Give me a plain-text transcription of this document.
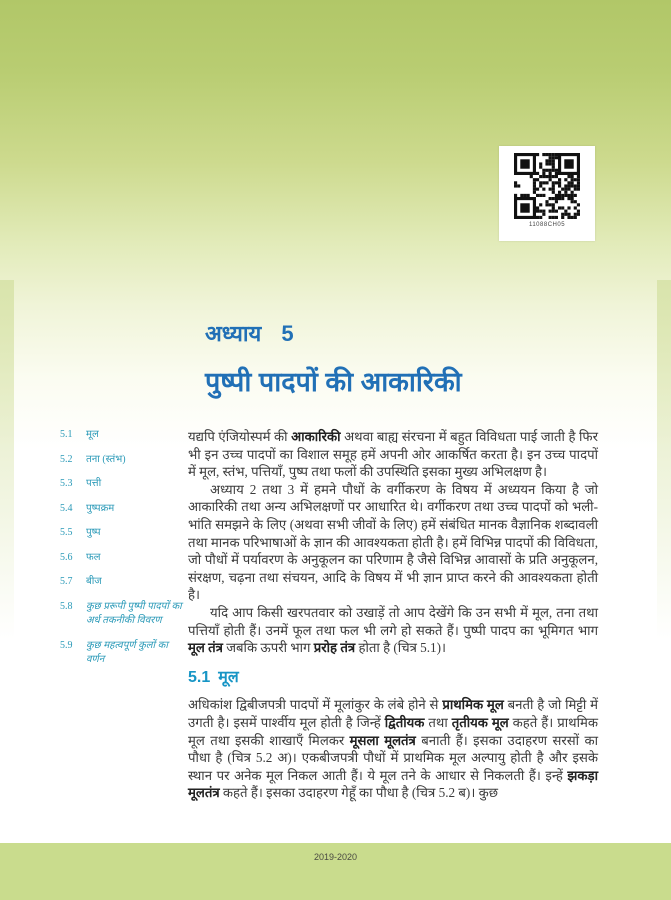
11088CH05
अध्याय 5
पुष्पी पादपों की आकारिकी
5.1	मूल
5.2	तना (स्तंभ)
5.3	पत्ती
5.4	पुष्पक्रम
5.5	पुष्प
5.6	फल
5.7	बीज
5.8	कुछ प्ररूपी पुष्पी पादपों का अर्ध तकनीकी विवरण
5.9	कुछ महत्वपूर्ण कुलों का वर्णन

यद्यपि एंजियोस्पर्म की आकारिकी अथवा बाह्य संरचना में बहुत विविधता पाई जाती है फिर भी इन उच्च पादपों का विशाल समूह हमें अपनी ओर आकर्षित करता है। इन उच्च पादपों में मूल, स्तंभ, पत्तियाँ, पुष्प तथा फलों की उपस्थिति इसका मुख्य अभिलक्षण है।

अध्याय 2 तथा 3 में हमने पौधों के वर्गीकरण के विषय में अध्ययन किया है जो आकारिकी तथा अन्य अभिलक्षणों पर आधारित थे। वर्गीकरण तथा उच्च पादपों को भली-भांति समझने के लिए (अथवा सभी जीवों के लिए) हमें संबंधित मानक वैज्ञानिक शब्दावली तथा मानक परिभाषाओं के ज्ञान की आवश्यकता होती है। हमें विभिन्न पादपों की विविधता, जो पौधों में पर्यावरण के अनुकूलन का परिणाम है जैसे विभिन्न आवासों के प्रति अनुकूलन, संरक्षण, चढ़ना तथा संचयन, आदि के विषय में भी ज्ञान प्राप्त करने की आवश्यकता होती है।

यदि आप किसी खरपतवार को उखाड़ें तो आप देखेंगे कि उन सभी में मूल, तना तथा पत्तियाँ होती हैं। उनमें फूल तथा फल भी लगे हो सकते हैं। पुष्पी पादप का भूमिगत भाग मूल तंत्र जबकि ऊपरी भाग प्ररोह तंत्र होता है (चित्र 5.1)।

5.1 मूल

अधिकांश द्विबीजपत्री पादपों में मूलांकुर के लंबे होने से प्राथमिक मूल बनती है जो मिट्टी में उगती है। इसमें पार्श्वीय मूल होती है जिन्हें द्वितीयक तथा तृतीयक मूल कहते हैं। प्राथमिक मूल तथा इसकी शाखाएँ मिलकर मूसला मूलतंत्र बनाती हैं। इसका उदाहरण सरसों का पौधा है (चित्र 5.2 अ)। एकबीजपत्री पौधों में प्राथमिक मूल अल्पायु होती है और इसके स्थान पर अनेक मूल निकल आती हैं। ये मूल तने के आधार से निकलती हैं। इन्हें झकड़ा मूलतंत्र कहते हैं। इसका उदाहरण गेहूँ का पौधा है (चित्र 5.2 ब)। कुछ

2019-2020
